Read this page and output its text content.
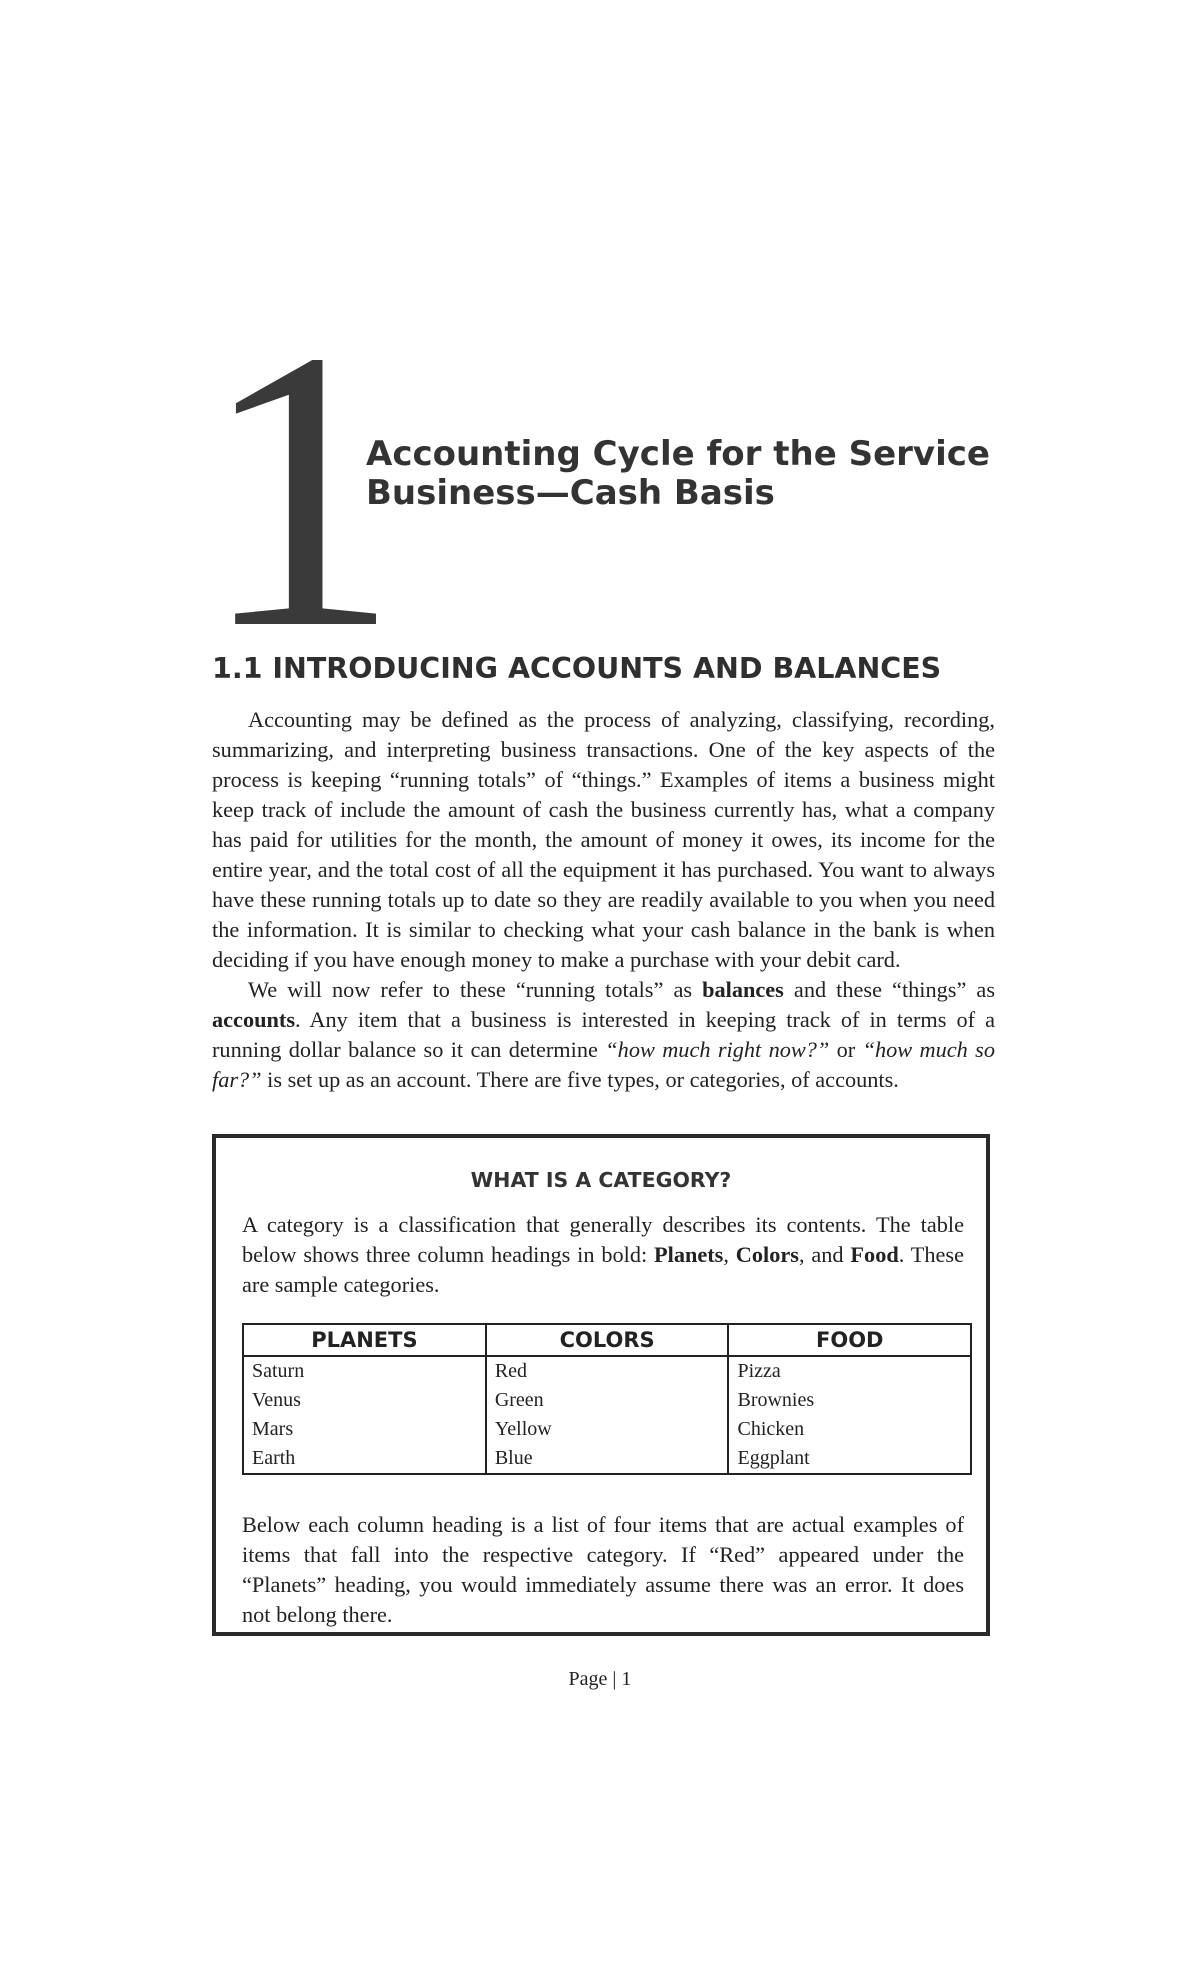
1
Accounting Cycle for the Service
Business—Cash Basis
1.1 INTRODUCING ACCOUNTS AND BALANCES

Accounting may be defined as the process of analyzing, classifying, recording, summarizing, and interpreting business transactions. One of the key aspects of the process is keeping “running totals” of “things.” Examples of items a business might keep track of include the amount of cash the business currently has, what a company has paid for utilities for the month, the amount of money it owes, its income for the entire year, and the total cost of all the equipment it has purchased. You want to always have these running totals up to date so they are readily available to you when you need the information. It is similar to checking what your cash balance in the bank is when deciding if you have enough money to make a purchase with your debit card.

We will now refer to these “running totals” as balances and these “things” as accounts. Any item that a business is interested in keeping track of in terms of a running dollar balance so it can determine “how much right now?” or “how much so far?” is set up as an account. There are five types, or categories, of accounts.

WHAT IS A CATEGORY?

A category is a classification that generally describes its contents. The table below shows three column headings in bold: Planets, Colors, and Food. These are sample categories.

PLANETS	COLORS	FOOD
Saturn	Red	Pizza
Venus	Green	Brownies
Mars	Yellow	Chicken
Earth	Blue	Eggplant

Below each column heading is a list of four items that are actual examples of items that fall into the respective category. If “Red” appeared under the “Planets” heading, you would immediately assume there was an error. It does not belong there.

Page | 1
